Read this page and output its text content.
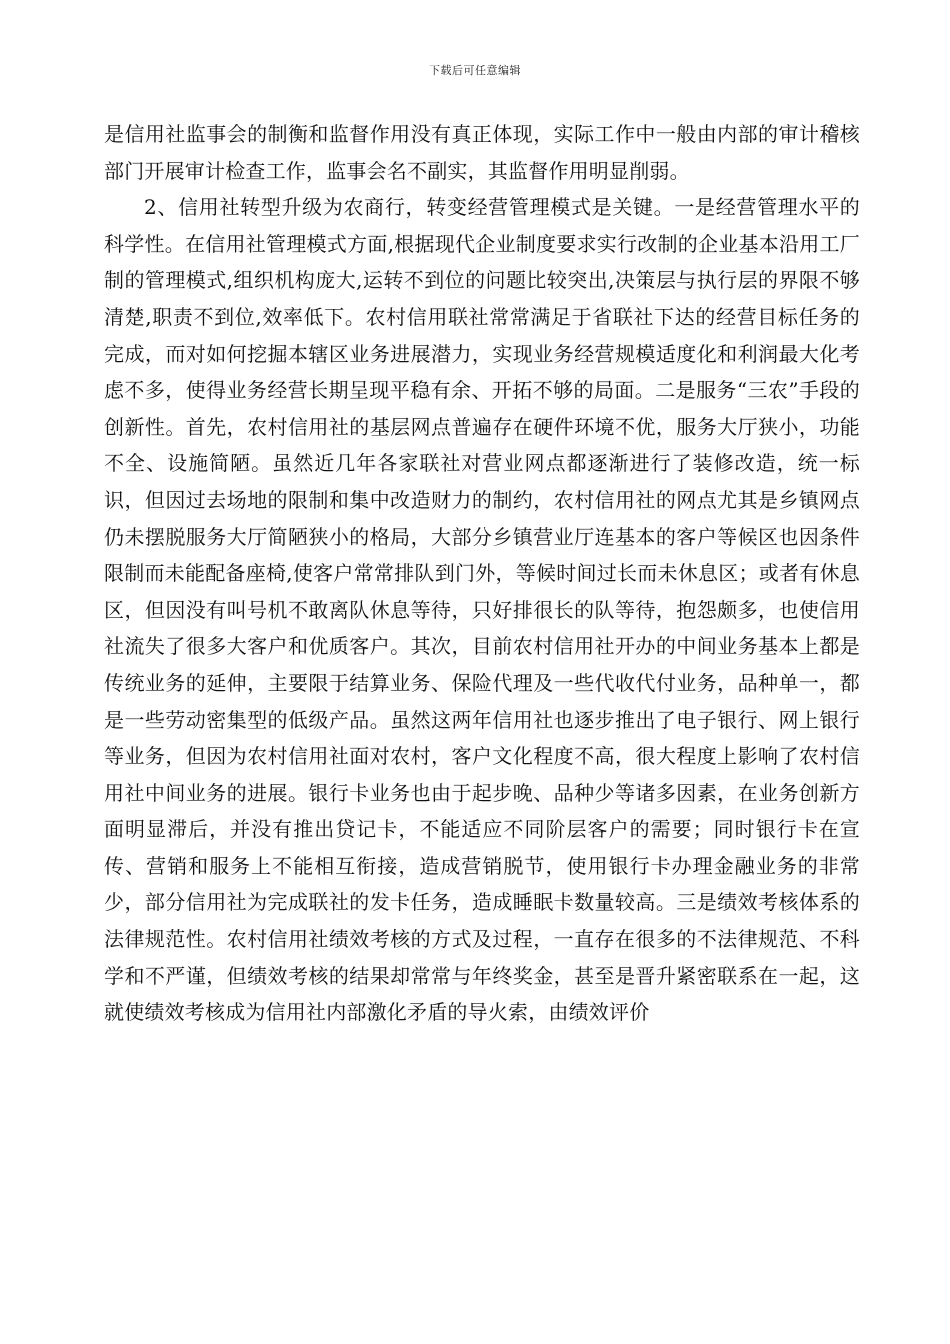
下载后可任意编辑

是信用社监事会的制衡和监督作用没有真正体现，实际工作中一般由内部的审计稽核部门开展审计检查工作，监事会名不副实，其监督作用明显削弱。

2、信用社转型升级为农商行，转变经营管理模式是关键。一是经营管理水平的科学性。在信用社管理模式方面,根据现代企业制度要求实行改制的企业基本沿用工厂制的管理模式,组织机构庞大,运转不到位的问题比较突出,决策层与执行层的界限不够清楚,职责不到位,效率低下。农村信用联社常常满足于省联社下达的经营目标任务的完成，而对如何挖掘本辖区业务进展潜力，实现业务经营规模适度化和利润最大化考虑不多，使得业务经营长期呈现平稳有余、开拓不够的局面。二是服务“三农”手段的创新性。首先，农村信用社的基层网点普遍存在硬件环境不优，服务大厅狭小，功能不全、设施简陋。虽然近几年各家联社对营业网点都逐渐进行了装修改造，统一标识，但因过去场地的限制和集中改造财力的制约，农村信用社的网点尤其是乡镇网点仍未摆脱服务大厅简陋狭小的格局，大部分乡镇营业厅连基本的客户等候区也因条件限制而未能配备座椅,使客户常常排队到门外，等候时间过长而未休息区；或者有休息区，但因没有叫号机不敢离队休息等待，只好排很长的队等待，抱怨颇多，也使信用社流失了很多大客户和优质客户。其次，目前农村信用社开办的中间业务基本上都是传统业务的延伸，主要限于结算业务、保险代理及一些代收代付业务，品种单一，都是一些劳动密集型的低级产品。虽然这两年信用社也逐步推出了电子银行、网上银行等业务，但因为农村信用社面对农村，客户文化程度不高，很大程度上影响了农村信用社中间业务的进展。银行卡业务也由于起步晚、品种少等诸多因素，在业务创新方面明显滞后，并没有推出贷记卡，不能适应不同阶层客户的需要；同时银行卡在宣传、营销和服务上不能相互衔接，造成营销脱节，使用银行卡办理金融业务的非常少，部分信用社为完成联社的发卡任务，造成睡眠卡数量较高。三是绩效考核体系的法律规范性。农村信用社绩效考核的方式及过程，一直存在很多的不法律规范、不科学和不严谨，但绩效考核的结果却常常与年终奖金，甚至是晋升紧密联系在一起，这就使绩效考核成为信用社内部激化矛盾的导火索，由绩效评价
